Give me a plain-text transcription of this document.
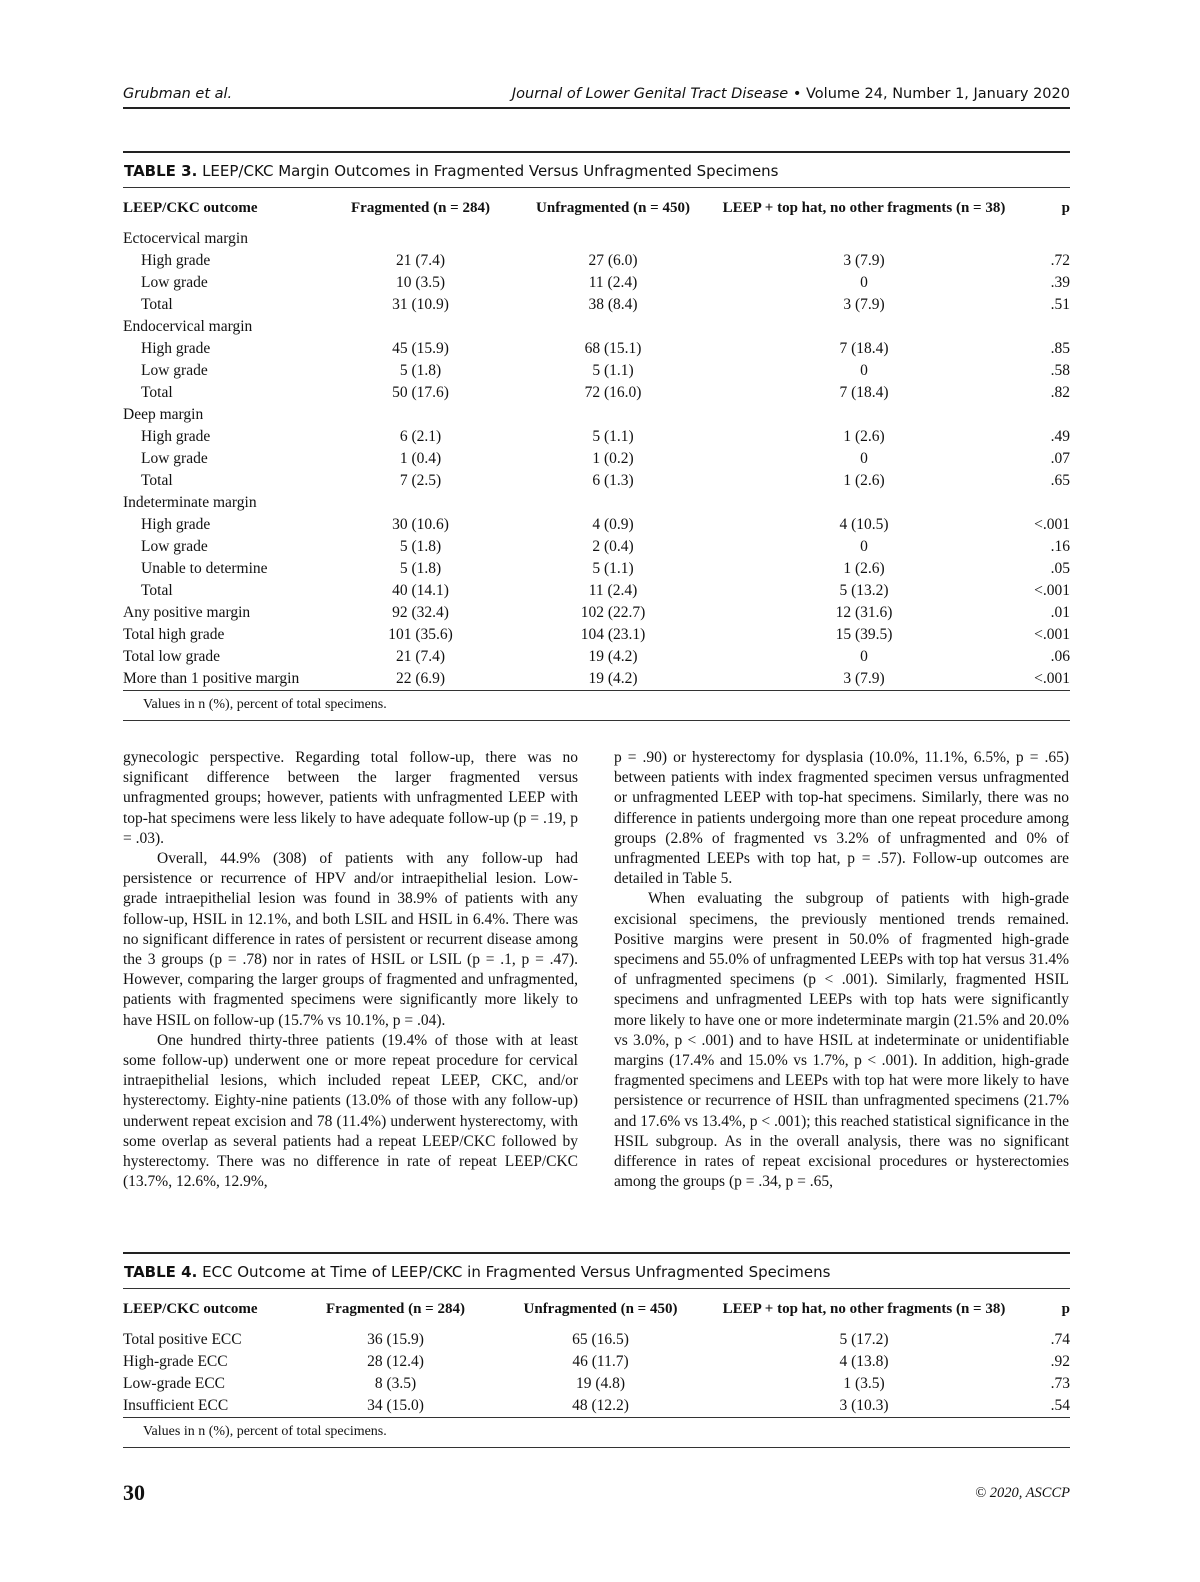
Grubman et al.	Journal of Lower Genital Tract Disease • Volume 24, Number 1, January 2020
TABLE 3. LEEP/CKC Margin Outcomes in Fragmented Versus Unfragmented Specimens
LEEP/CKC outcome	Fragmented (n = 284)	Unfragmented (n = 450)	LEEP + top hat, no other fragments (n = 38)	p
Ectocervical margin				
High grade	21 (7.4)	27 (6.0)	3 (7.9)	.72
Low grade	10 (3.5)	11 (2.4)	0	.39
Total	31 (10.9)	38 (8.4)	3 (7.9)	.51
Endocervical margin				
High grade	45 (15.9)	68 (15.1)	7 (18.4)	.85
Low grade	5 (1.8)	5 (1.1)	0	.58
Total	50 (17.6)	72 (16.0)	7 (18.4)	.82
Deep margin				
High grade	6 (2.1)	5 (1.1)	1 (2.6)	.49
Low grade	1 (0.4)	1 (0.2)	0	.07
Total	7 (2.5)	6 (1.3)	1 (2.6)	.65
Indeterminate margin				
High grade	30 (10.6)	4 (0.9)	4 (10.5)	<.001
Low grade	5 (1.8)	2 (0.4)	0	.16
Unable to determine	5 (1.8)	5 (1.1)	1 (2.6)	.05
Total	40 (14.1)	11 (2.4)	5 (13.2)	<.001
Any positive margin	92 (32.4)	102 (22.7)	12 (31.6)	.01
Total high grade	101 (35.6)	104 (23.1)	15 (39.5)	<.001
Total low grade	21 (7.4)	19 (4.2)	0	.06
More than 1 positive margin	22 (6.9)	19 (4.2)	3 (7.9)	<.001
Values in n (%), percent of total specimens.

gynecologic perspective. Regarding total follow-up, there was no significant difference between the larger fragmented versus unfragmented groups; however, patients with unfragmented LEEP with top-hat specimens were less likely to have adequate follow-up (p = .19, p = .03).

Overall, 44.9% (308) of patients with any follow-up had persistence or recurrence of HPV and/or intraepithelial lesion. Low-grade intraepithelial lesion was found in 38.9% of patients with any follow-up, HSIL in 12.1%, and both LSIL and HSIL in 6.4%. There was no significant difference in rates of persistent or recurrent disease among the 3 groups (p = .78) nor in rates of HSIL or LSIL (p = .1, p = .47). However, comparing the larger groups of fragmented and unfragmented, patients with fragmented specimens were significantly more likely to have HSIL on follow-up (15.7% vs 10.1%, p = .04).

One hundred thirty-three patients (19.4% of those with at least some follow-up) underwent one or more repeat procedure for cervical intraepithelial lesions, which included repeat LEEP, CKC, and/or hysterectomy. Eighty-nine patients (13.0% of those with any follow-up) underwent repeat excision and 78 (11.4%) underwent hysterectomy, with some overlap as several patients had a repeat LEEP/CKC followed by hysterectomy. There was no difference in rate of repeat LEEP/CKC (13.7%, 12.6%, 12.9%,

p = .90) or hysterectomy for dysplasia (10.0%, 11.1%, 6.5%, p = .65) between patients with index fragmented specimen versus unfragmented or unfragmented LEEP with top-hat specimens. Similarly, there was no difference in patients undergoing more than one repeat procedure among groups (2.8% of fragmented vs 3.2% of unfragmented and 0% of unfragmented LEEPs with top hat, p = .57). Follow-up outcomes are detailed in Table 5.

When evaluating the subgroup of patients with high-grade excisional specimens, the previously mentioned trends remained. Positive margins were present in 50.0% of fragmented high-grade specimens and 55.0% of unfragmented LEEPs with top hat versus 31.4% of unfragmented specimens (p < .001). Similarly, fragmented HSIL specimens and unfragmented LEEPs with top hats were significantly more likely to have one or more indeterminate margin (21.5% and 20.0% vs 3.0%, p < .001) and to have HSIL at indeterminate or unidentifiable margins (17.4% and 15.0% vs 1.7%, p < .001). In addition, high-grade fragmented specimens and LEEPs with top hat were more likely to have persistence or recurrence of HSIL than unfragmented specimens (21.7% and 17.6% vs 13.4%, p < .001); this reached statistical significance in the HSIL subgroup. As in the overall analysis, there was no significant difference in rates of repeat excisional procedures or hysterectomies among the groups (p = .34, p = .65,

TABLE 4. ECC Outcome at Time of LEEP/CKC in Fragmented Versus Unfragmented Specimens
LEEP/CKC outcome	Fragmented (n = 284)	Unfragmented (n = 450)	LEEP + top hat, no other fragments (n = 38)	p
Total positive ECC	36 (15.9)	65 (16.5)	5 (17.2)	.74
High-grade ECC	28 (12.4)	46 (11.7)	4 (13.8)	.92
Low-grade ECC	8 (3.5)	19 (4.8)	1 (3.5)	.73
Insufficient ECC	34 (15.0)	48 (12.2)	3 (10.3)	.54
Values in n (%), percent of total specimens.
30	© 2020, ASCCP
